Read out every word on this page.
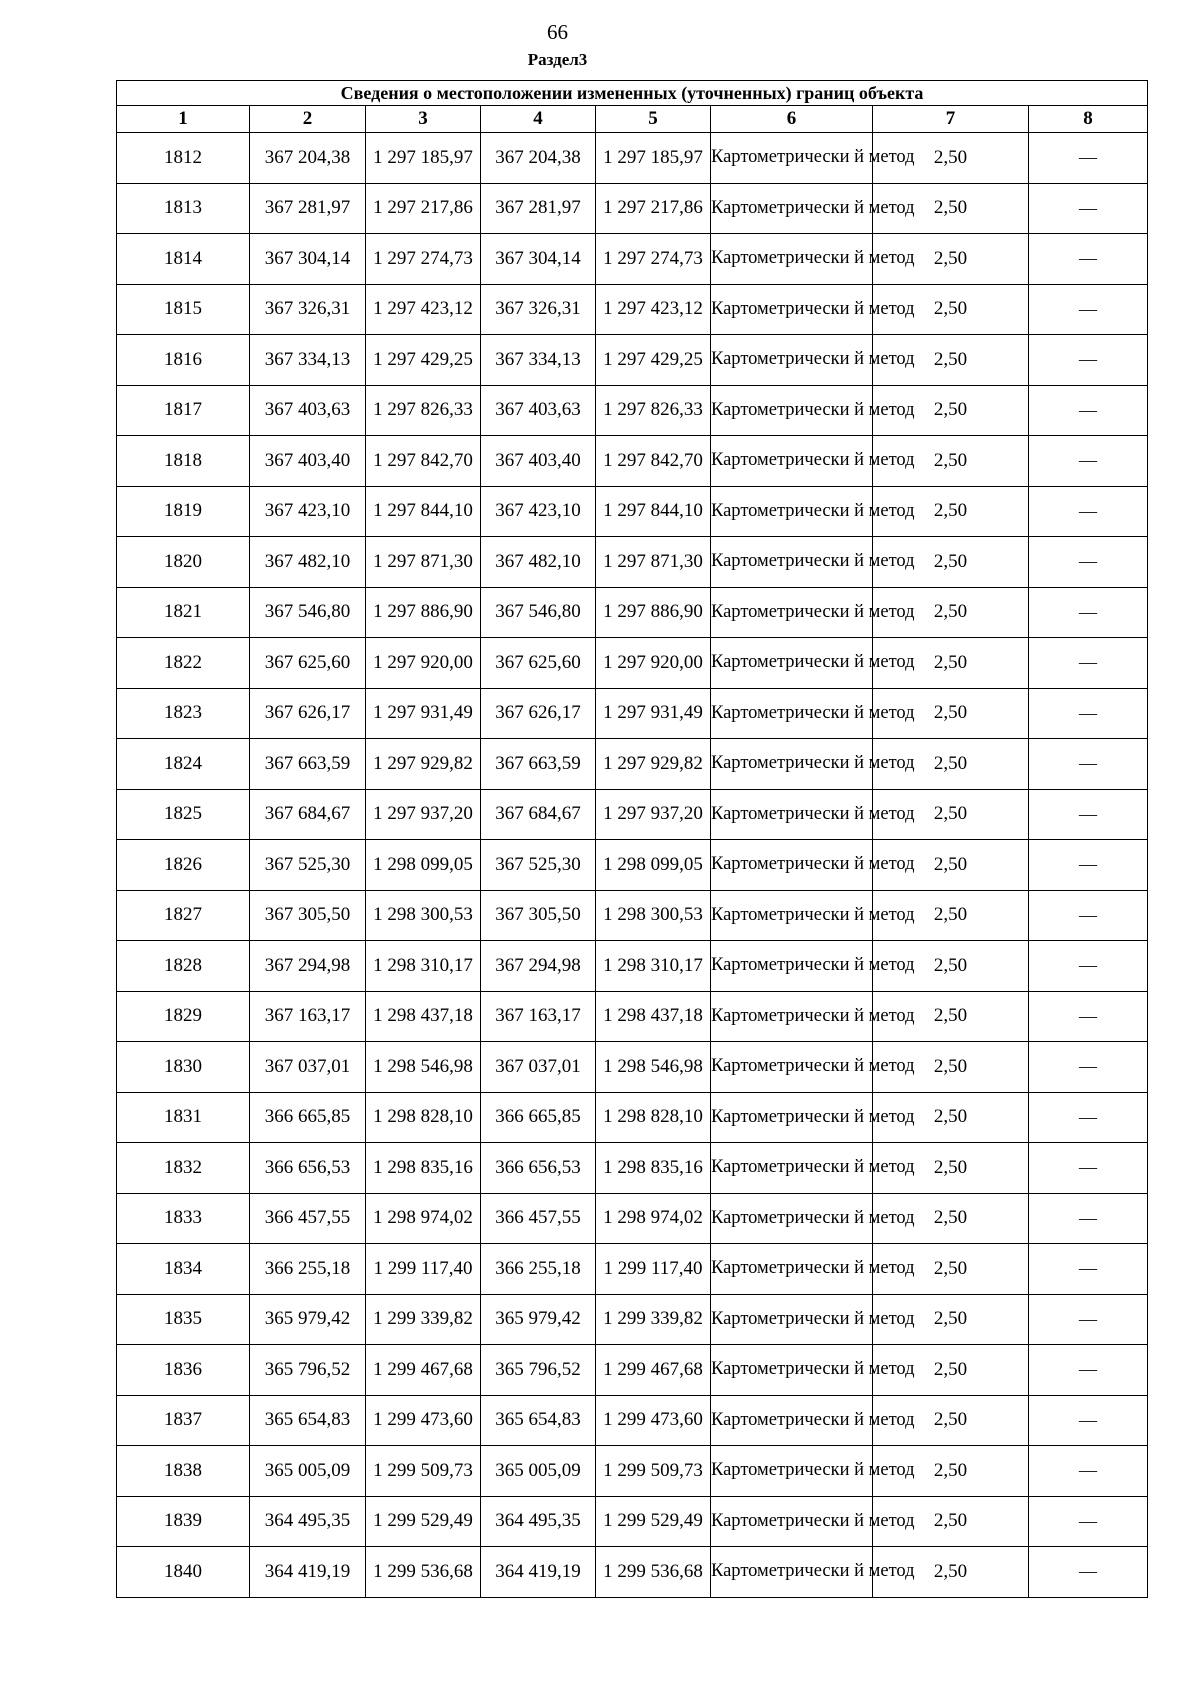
66
Раздел3
Сведения о местоположении измененных (уточненных) границ объекта							
1	2	3	4	5	6	7	8
1812	367 204,38	1 297 185,97	367 204,38	1 297 185,97	Картометрически й метод	2,50	—
1813	367 281,97	1 297 217,86	367 281,97	1 297 217,86	Картометрически й метод	2,50	—
1814	367 304,14	1 297 274,73	367 304,14	1 297 274,73	Картометрически й метод	2,50	—
1815	367 326,31	1 297 423,12	367 326,31	1 297 423,12	Картометрически й метод	2,50	—
1816	367 334,13	1 297 429,25	367 334,13	1 297 429,25	Картометрически й метод	2,50	—
1817	367 403,63	1 297 826,33	367 403,63	1 297 826,33	Картометрически й метод	2,50	—
1818	367 403,40	1 297 842,70	367 403,40	1 297 842,70	Картометрически й метод	2,50	—
1819	367 423,10	1 297 844,10	367 423,10	1 297 844,10	Картометрически й метод	2,50	—
1820	367 482,10	1 297 871,30	367 482,10	1 297 871,30	Картометрически й метод	2,50	—
1821	367 546,80	1 297 886,90	367 546,80	1 297 886,90	Картометрически й метод	2,50	—
1822	367 625,60	1 297 920,00	367 625,60	1 297 920,00	Картометрически й метод	2,50	—
1823	367 626,17	1 297 931,49	367 626,17	1 297 931,49	Картометрически й метод	2,50	—
1824	367 663,59	1 297 929,82	367 663,59	1 297 929,82	Картометрически й метод	2,50	—
1825	367 684,67	1 297 937,20	367 684,67	1 297 937,20	Картометрически й метод	2,50	—
1826	367 525,30	1 298 099,05	367 525,30	1 298 099,05	Картометрически й метод	2,50	—
1827	367 305,50	1 298 300,53	367 305,50	1 298 300,53	Картометрически й метод	2,50	—
1828	367 294,98	1 298 310,17	367 294,98	1 298 310,17	Картометрически й метод	2,50	—
1829	367 163,17	1 298 437,18	367 163,17	1 298 437,18	Картометрически й метод	2,50	—
1830	367 037,01	1 298 546,98	367 037,01	1 298 546,98	Картометрически й метод	2,50	—
1831	366 665,85	1 298 828,10	366 665,85	1 298 828,10	Картометрически й метод	2,50	—
1832	366 656,53	1 298 835,16	366 656,53	1 298 835,16	Картометрически й метод	2,50	—
1833	366 457,55	1 298 974,02	366 457,55	1 298 974,02	Картометрически й метод	2,50	—
1834	366 255,18	1 299 117,40	366 255,18	1 299 117,40	Картометрически й метод	2,50	—
1835	365 979,42	1 299 339,82	365 979,42	1 299 339,82	Картометрически й метод	2,50	—
1836	365 796,52	1 299 467,68	365 796,52	1 299 467,68	Картометрически й метод	2,50	—
1837	365 654,83	1 299 473,60	365 654,83	1 299 473,60	Картометрически й метод	2,50	—
1838	365 005,09	1 299 509,73	365 005,09	1 299 509,73	Картометрически й метод	2,50	—
1839	364 495,35	1 299 529,49	364 495,35	1 299 529,49	Картометрически й метод	2,50	—
1840	364 419,19	1 299 536,68	364 419,19	1 299 536,68	Картометрически й метод	2,50	—
